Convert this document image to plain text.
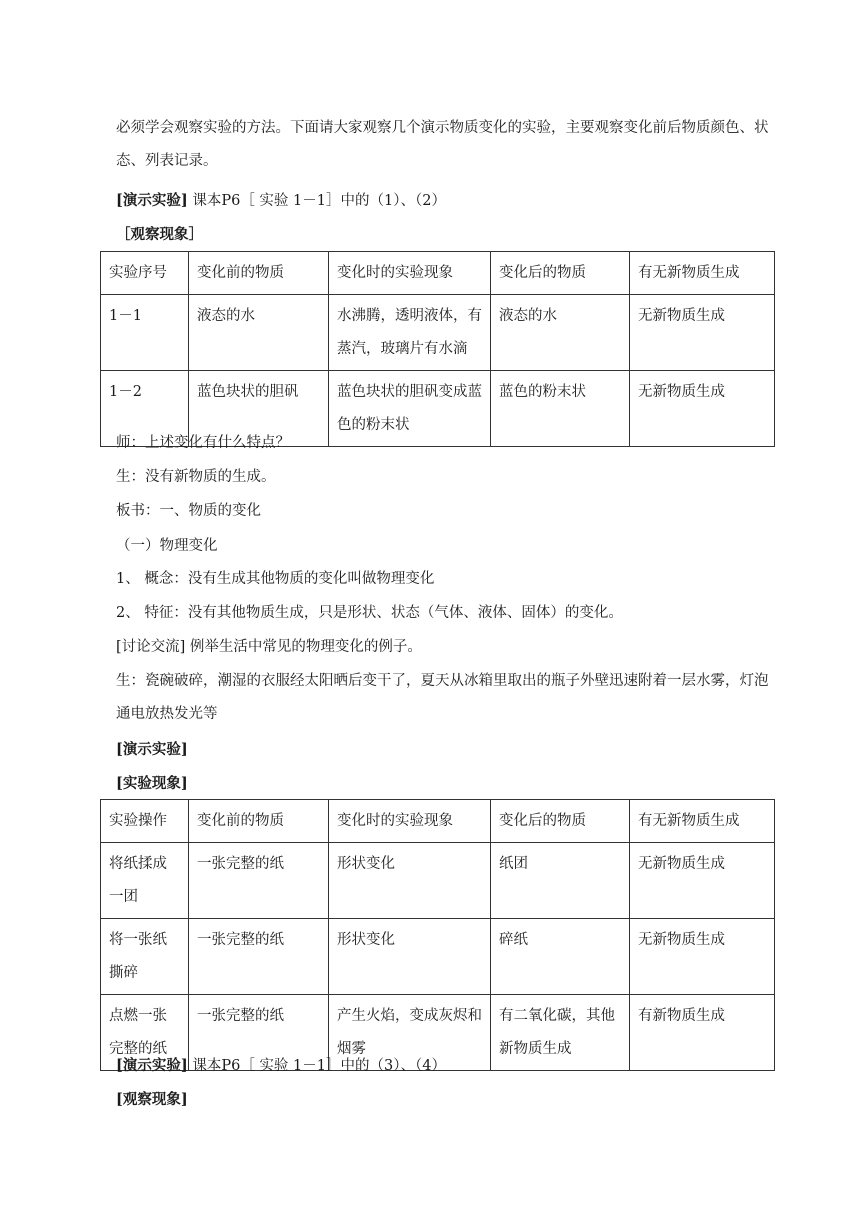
必须学会观察实验的方法。下面请大家观察几个演示物质变化的实验，主要观察变化前后物质颜色、状态、列表记录。

[演示实验] 课本P6［ 实验 1－1］中的（1）、（2）

［观察现象］

实验序号	变化前的物质	变化时的实验现象	变化后的物质	有无新物质生成
1－1	液态的水	水沸腾，透明液体，有蒸汽，玻璃片有水滴	液态的水	无新物质生成
1－2	蓝色块状的胆矾	蓝色块状的胆矾变成蓝色的粉末状	蓝色的粉末状	无新物质生成

师：上述变化有什么特点？

生：没有新物质的生成。

板书：一、物质的变化

（一）物理变化

1、 概念：没有生成其他物质的变化叫做物理变化

2、 特征：没有其他物质生成，只是形状、状态（气体、液体、固体）的变化。

[讨论交流] 例举生活中常见的物理变化的例子。

生：瓷碗破碎，潮湿的衣服经太阳晒后变干了，夏天从冰箱里取出的瓶子外壁迅速附着一层水雾，灯泡通电放热发光等

[演示实验]

[实验现象]

实验操作	变化前的物质	变化时的实验现象	变化后的物质	有无新物质生成
将纸揉成一团	一张完整的纸	形状变化	纸团	无新物质生成
将一张纸撕碎	一张完整的纸	形状变化	碎纸	无新物质生成
点燃一张完整的纸	一张完整的纸	产生火焰，变成灰烬和烟雾	有二氧化碳，其他新物质生成	有新物质生成

[演示实验] 课本P6［ 实验 1－1］中的（3）、（4）

[观察现象]
